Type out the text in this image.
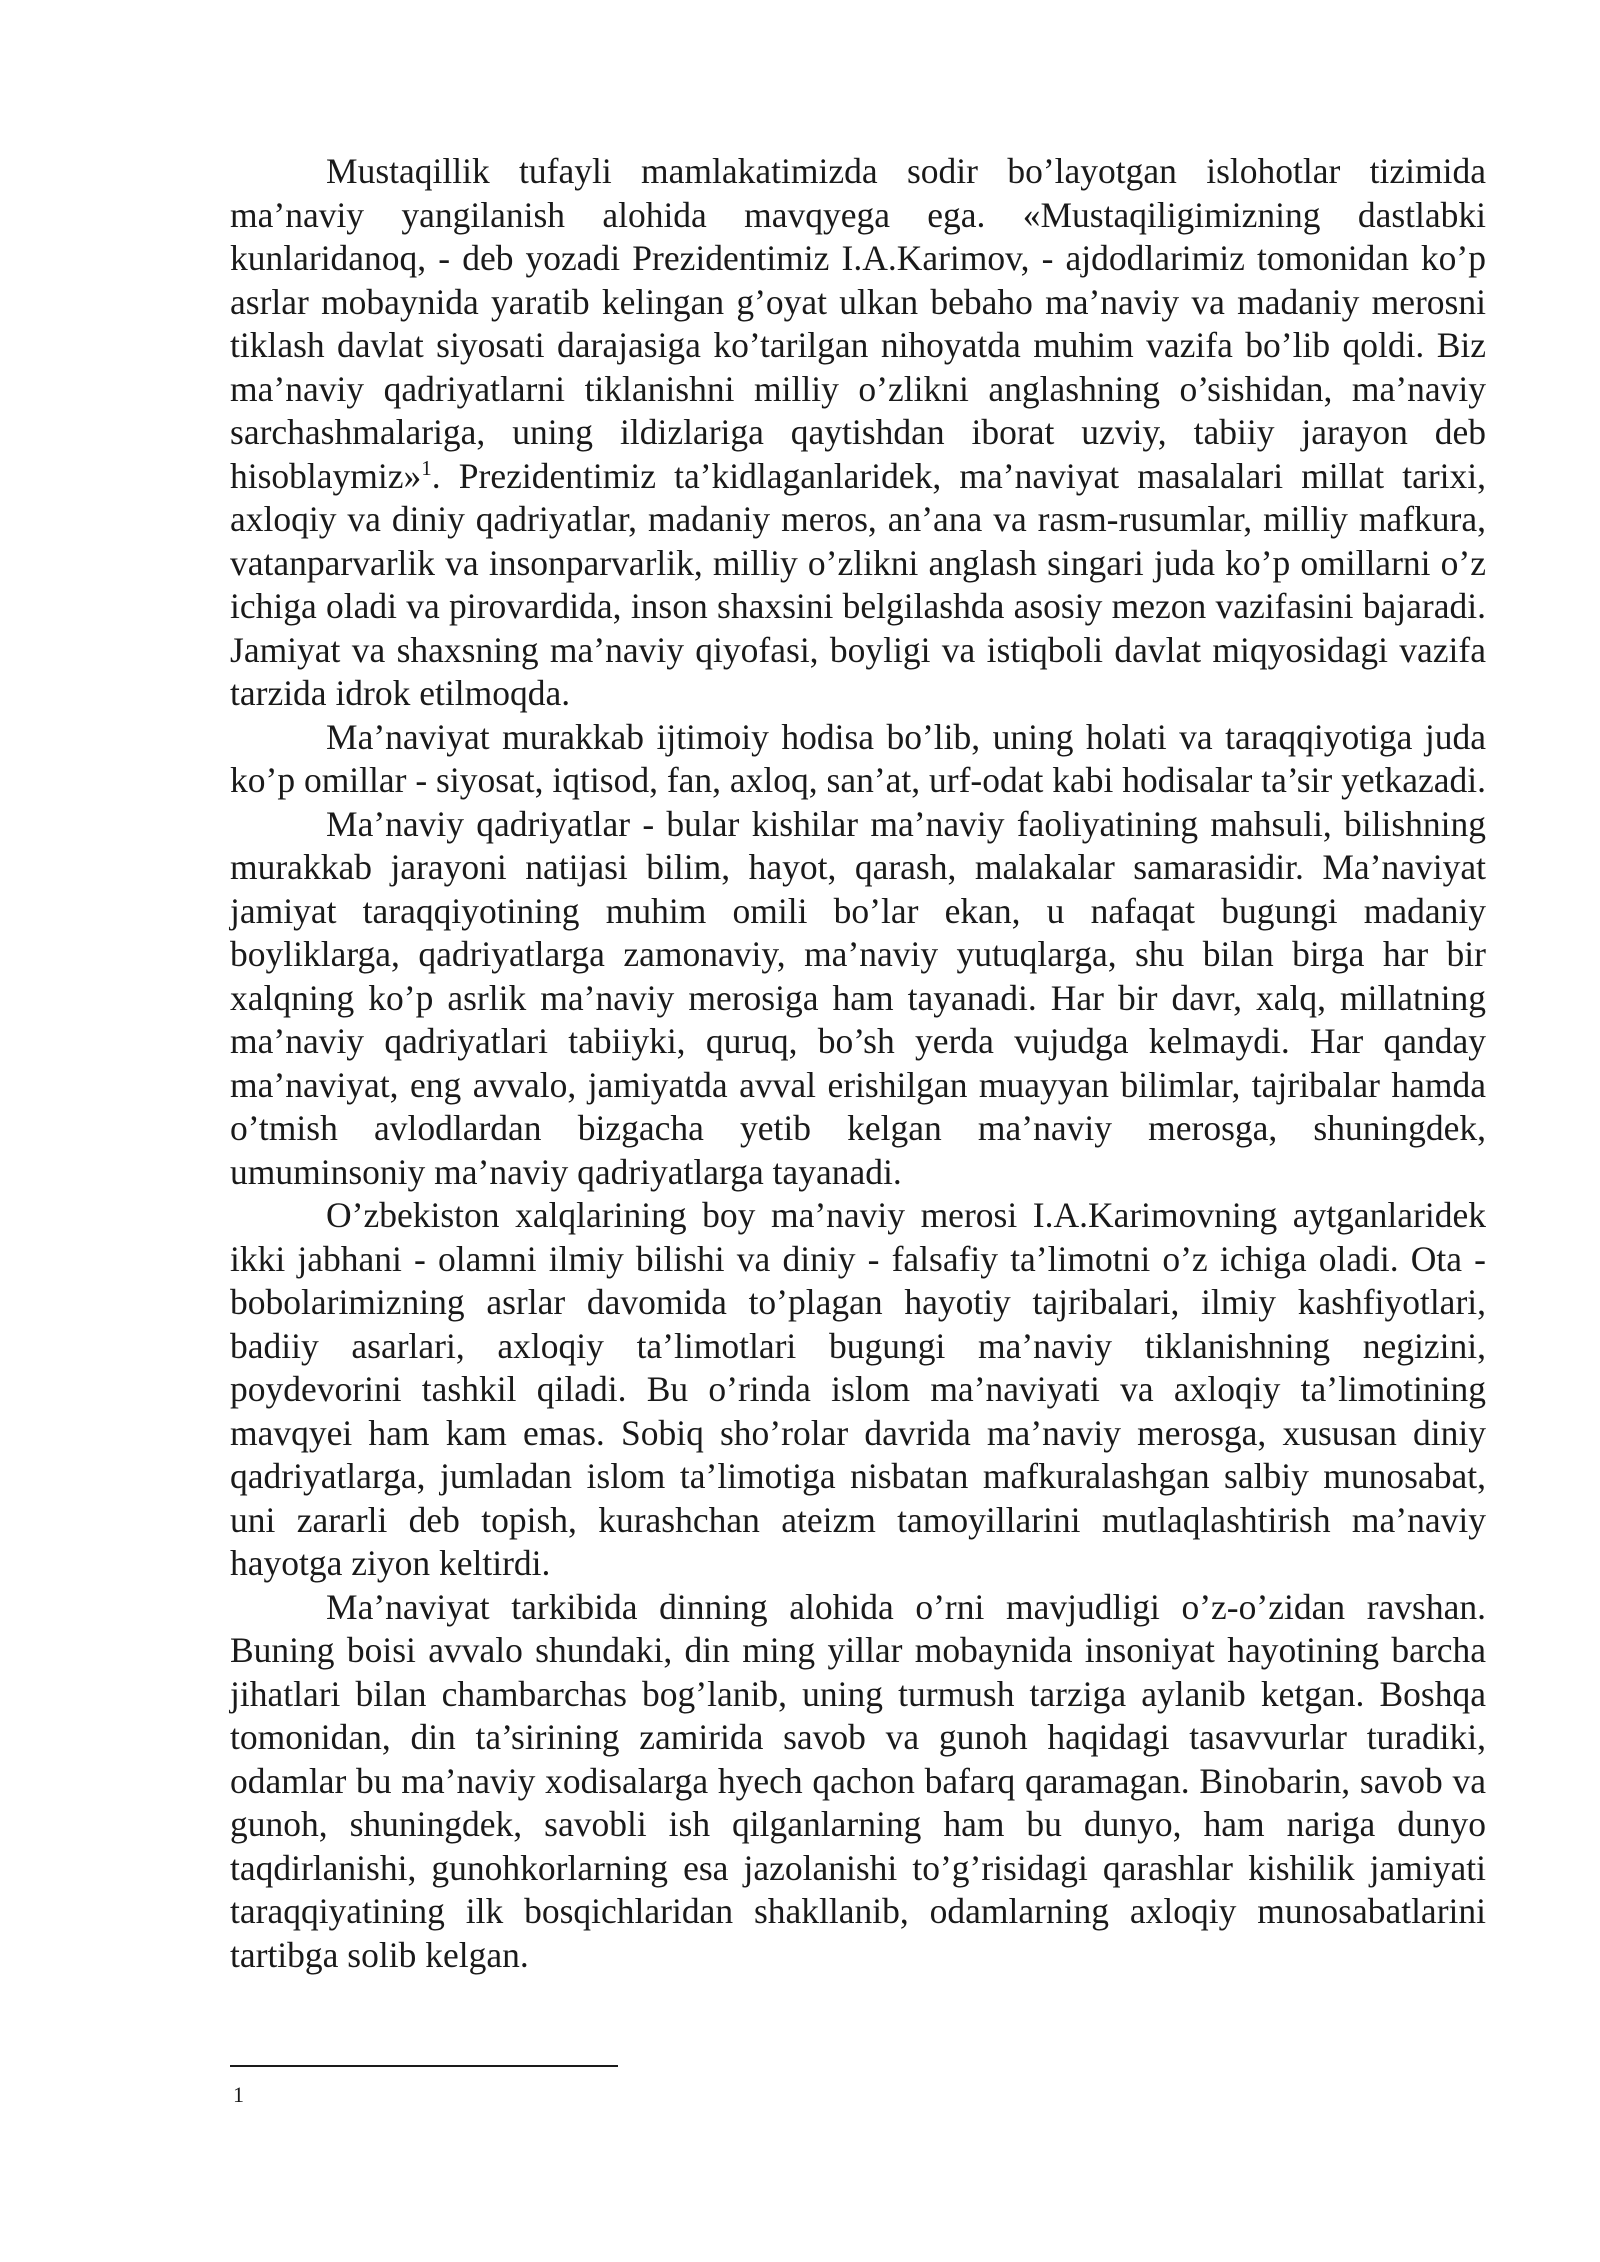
Mustaqillik tufayli mamlakatimizda sodir bo’layotgan islohotlar tizimida ma’naviy yangilanish alohida mavqyega ega. «Mustaqiligimizning dastlabki kunlaridanoq, - deb yozadi Prezidentimiz I.A.Karimov, - ajdodlarimiz tomonidan ko’p asrlar mobaynida yaratib kelingan g’oyat ulkan bebaho ma’naviy va madaniy merosni tiklash davlat siyosati darajasiga ko’tarilgan nihoyatda muhim vazifa bo’lib qoldi. Biz ma’naviy qadriyatlarni tiklanishni milliy o’zlikni anglashning o’sishidan, ma’naviy sarchashmalariga, uning ildizlariga qaytishdan iborat uzviy, tabiiy jarayon deb hisoblaymiz»$^1$. Prezidentimiz ta’kidlaganlaridek, ma’naviyat masalalari millat tarixi, axloqiy va diniy qadriyatlar, madaniy meros, an’ana va rasm-rusumlar, milliy mafkura, vatanparvarlik va insonparvarlik, milliy o’zlikni anglash singari juda ko’p omillarni o’z ichiga oladi va pirovardida, inson shaxsini belgilashda asosiy mezon vazifasini bajaradi. Jamiyat va shaxsning ma’naviy qiyofasi, boyligi va istiqboli davlat miqyosidagi vazifa tarzida idrok etilmoqda.

Ma’naviyat murakkab ijtimoiy hodisa bo’lib, uning holati va taraqqiyotiga juda ko’p omillar - siyosat, iqtisod, fan, axloq, san’at, urf-odat kabi hodisalar ta’sir yetkazadi.

Ma’naviy qadriyatlar - bular kishilar ma’naviy faoliyatining mahsuli, bilishning murakkab jarayoni natijasi bilim, hayot, qarash, malakalar samarasidir. Ma’naviyat jamiyat taraqqiyotining muhim omili bo’lar ekan, u nafaqat bugungi madaniy boyliklarga, qadriyatlarga zamonaviy, ma’naviy yutuqlarga, shu bilan birga har bir xalqning ko’p asrlik ma’naviy merosiga ham tayanadi. Har bir davr, xalq, millatning ma’naviy qadriyatlari tabiiyki, quruq, bo’sh yerda vujudga kelmaydi. Har qanday ma’naviyat, eng avvalo, jamiyatda avval erishilgan muayyan bilimlar, tajribalar hamda o’tmish avlodlardan bizgacha yetib kelgan ma’naviy merosga, shuningdek, umuminsoniy ma’naviy qadriyatlarga tayanadi.

O’zbekiston xalqlarining boy ma’naviy merosi I.A.Karimovning aytganlaridek ikki jabhani - olamni ilmiy bilishi va diniy - falsafiy ta’limotni o’z ichiga oladi. Ota - bobolarimizning asrlar davomida to’plagan hayotiy tajribalari, ilmiy kashfiyotlari, badiiy asarlari, axloqiy ta’limotlari bugungi ma’naviy tiklanishning negizini, poydevorini tashkil qiladi. Bu o’rinda islom ma’naviyati va axloqiy ta’limotining mavqyei ham kam emas. Sobiq sho’rolar davrida ma’naviy merosga, xususan diniy qadriyatlarga, jumladan islom ta’limotiga nisbatan mafkuralashgan salbiy munosabat, uni zararli deb topish, kurashchan ateizm tamoyillarini mutlaqlashtirish ma’naviy hayotga ziyon keltirdi.

Ma’naviyat tarkibida dinning alohida o’rni mavjudligi o’z-o’zidan ravshan. Buning boisi avvalo shundaki, din ming yillar mobaynida insoniyat hayotining barcha jihatlari bilan chambarchas bog’lanib, uning turmush tarziga aylanib ketgan. Boshqa tomonidan, din ta’sirining zamirida savob va gunoh haqidagi tasavvurlar turadiki, odamlar bu ma’naviy xodisalarga hyech qachon bafarq qaramagan. Binobarin, savob va gunoh, shuningdek, savobli ish qilganlarning ham bu dunyo, ham nariga dunyo taqdirlanishi, gunohkorlarning esa jazolanishi to’g’risidagi qarashlar kishilik jamiyati taraqqiyatining ilk bosqichlaridan shakllanib, odamlarning axloqiy munosabatlarini tartibga solib kelgan.

1
